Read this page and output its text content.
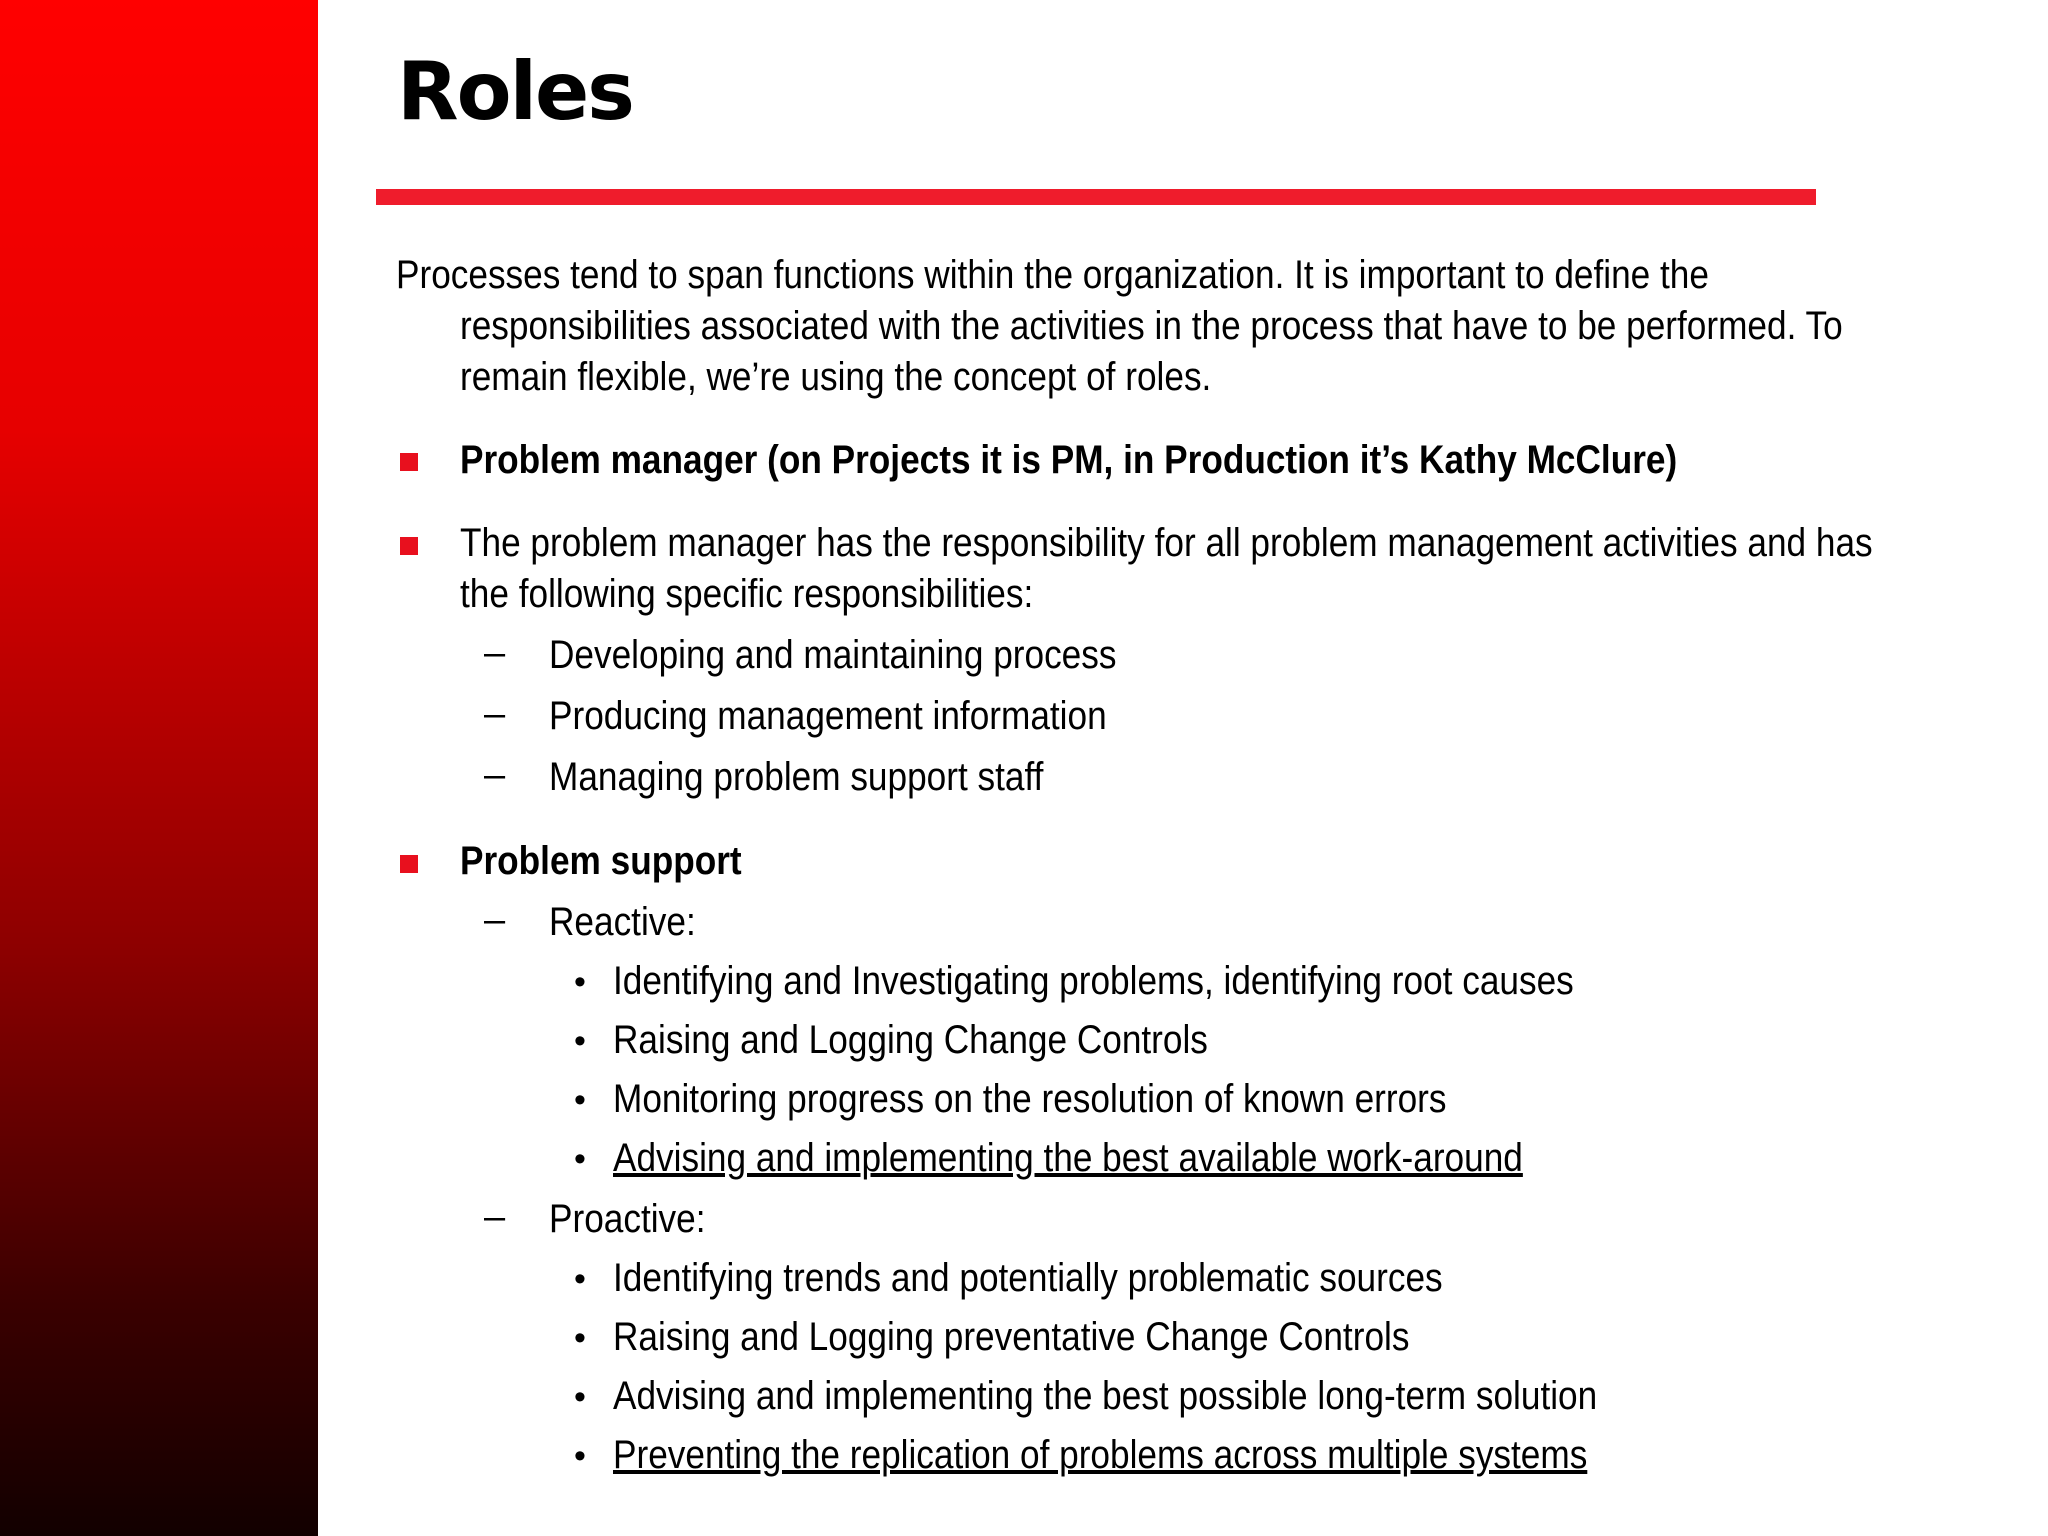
Roles
Processes tend to span functions within the organization. It is important to define the
responsibilities associated with the activities in the process that have to be performed. To
remain flexible, we’re using the concept of roles.
Problem manager (on Projects it is PM, in Production it’s Kathy McClure)
The problem manager has the responsibility for all problem management activities and has
the following specific responsibilities:
– Developing and maintaining process
– Producing management information
– Managing problem support staff
Problem support
– Reactive:
• Identifying and Investigating problems, identifying root causes
• Raising and Logging Change Controls
• Monitoring progress on the resolution of known errors
• Advising and implementing the best available work-around
– Proactive:
• Identifying trends and potentially problematic sources
• Raising and Logging preventative Change Controls
• Advising and implementing the best possible long-term solution
• Preventing the replication of problems across multiple systems
